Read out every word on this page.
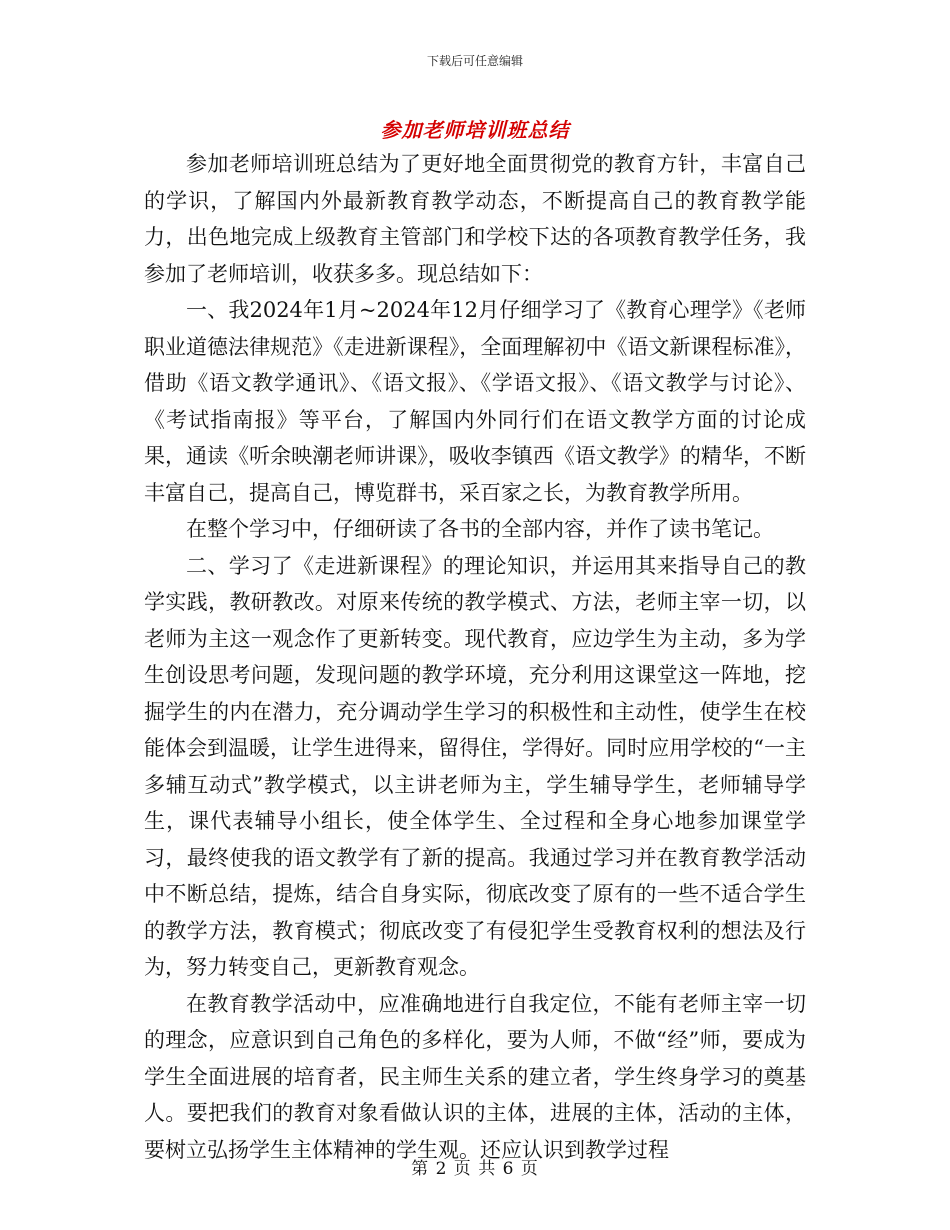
下载后可任意编辑
参加老师培训班总结

参加老师培训班总结为了更好地全面贯彻党的教育方针，丰富自己的学识，了解国内外最新教育教学动态，不断提高自己的教育教学能力，出色地完成上级教育主管部门和学校下达的各项教育教学任务，我参加了老师培训，收获多多。现总结如下：

一、我2024年1月~2024年12月仔细学习了《教育心理学》《老师职业道德法律规范》《走进新课程》，全面理解初中《语文新课程标准》，借助《语文教学通讯》、《语文报》、《学语文报》、《语文教学与讨论》、《考试指南报》等平台，了解国内外同行们在语文教学方面的讨论成果，通读《听余映潮老师讲课》，吸收李镇西《语文教学》的精华，不断丰富自己，提高自己，博览群书，采百家之长，为教育教学所用。

在整个学习中，仔细研读了各书的全部内容，并作了读书笔记。

二、学习了《走进新课程》的理论知识，并运用其来指导自己的教学实践，教研教改。对原来传统的教学模式、方法，老师主宰一切，以老师为主这一观念作了更新转变。现代教育，应边学生为主动，多为学生创设思考问题，发现问题的教学环境，充分利用这课堂这一阵地，挖掘学生的内在潜力，充分调动学生学习的积极性和主动性，使学生在校能体会到温暖，让学生进得来，留得住，学得好。同时应用学校的“一主多辅互动式”教学模式，以主讲老师为主，学生辅导学生，老师辅导学生，课代表辅导小组长，使全体学生、全过程和全身心地参加课堂学习，最终使我的语文教学有了新的提高。我通过学习并在教育教学活动中不断总结，提炼，结合自身实际，彻底改变了原有的一些不适合学生的教学方法，教育模式；彻底改变了有侵犯学生受教育权利的想法及行为，努力转变自己，更新教育观念。

在教育教学活动中，应准确地进行自我定位，不能有老师主宰一切的理念，应意识到自己角色的多样化，要为人师，不做“经”师，要成为学生全面进展的培育者，民主师生关系的建立者，学生终身学习的奠基人。要把我们的教育对象看做认识的主体，进展的主体，活动的主体，要树立弘扬学生主体精神的学生观。还应认识到教学过程

第 2 页 共 6 页
